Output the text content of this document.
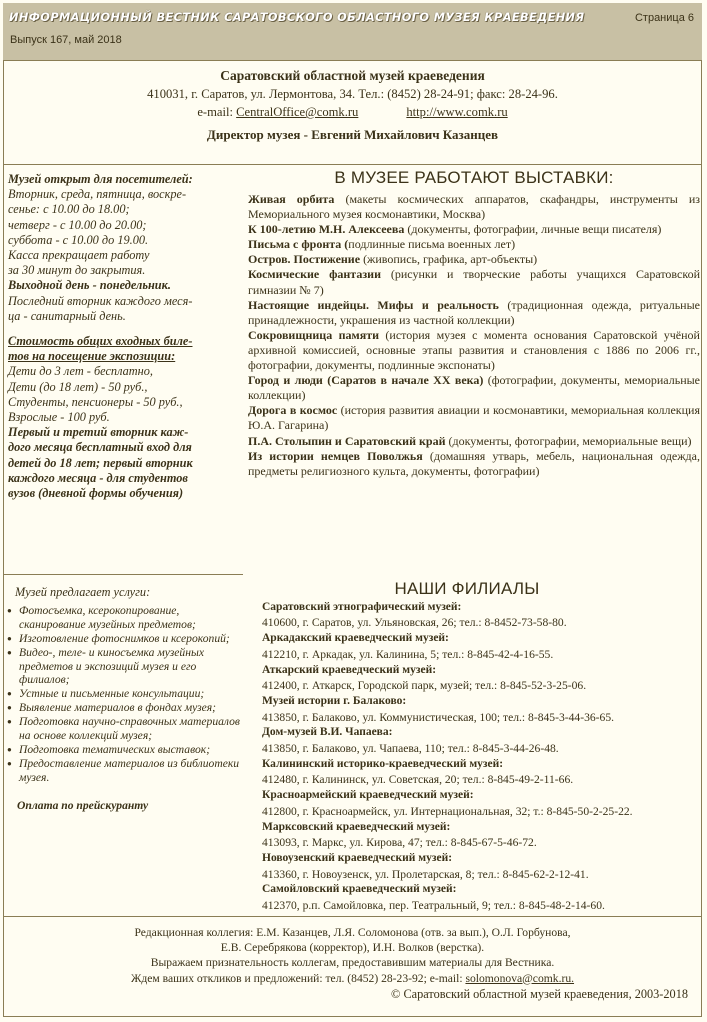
ИНФОРМАЦИОННЫЙ ВЕСТНИК САРАТОВСКОГО ОБЛАСТНОГО МУЗЕЯ КРАЕВЕДЕНИЯ
Выпуск 167, май 2018
Страница 6
Саратовский областной музей краеведения
410031, г. Саратов, ул. Лермонтова, 34. Тел.: (8452) 28-24-91; факс: 28-24-96.
e-mail: CentralOffice@comk.ru	http://www.comk.ru
Директор музея - Евгений Михайлович Казанцев

Музей открыт для посетителей:

Вторник, среда, пятница, воскре-

сенье: с 10.00 до 18.00;

четверг - с 10.00 до 20.00;

суббота - с 10.00 до 19.00.

Касса прекращает работу

за 30 минут до закрытия.

Выходной день - понедельник.

Последний вторник каждого меся-

ца - санитарный день.

Стоимость общих входных биле-

тов на посещение экспозиции:

Дети до 3 лет - бесплатно,

Дети (до 18 лет) - 50 руб.,

Студенты, пенсионеры - 50 руб.,

Взрослые - 100 руб.

Первый и третий вторник каж-

дого месяца бесплатный вход для

детей до 18 лет; первый вторник

каждого месяца - для студентов

вузов (дневной формы обучения)

В МУЗЕЕ РАБОТАЮТ ВЫСТАВКИ:

Живая орбита (макеты космических аппаратов, скафандры, инструменты из Мемориального музея космонавтики, Москва)

К 100-летию М.Н. Алексеева (документы, фотографии, личные вещи писателя)

Письма с фронта (подлинные письма военных лет)

Остров. Постижение (живопись, графика, арт-объекты)

Космические фантазии (рисунки и творческие работы учащихся Саратовской гимназии № 7)

Настоящие индейцы. Мифы и реальность (традиционная одежда, ритуальные принадлежности, украшения из частной коллекции)

Сокровищница памяти (история музея с момента основания Саратовской учёной архивной комиссией, основные этапы развития и становления с 1886 по 2006 гг., фотографии, документы, подлинные экспонаты)

Город и люди (Саратов в начале XX века) (фотографии, документы, мемориальные коллекции)

Дорога в космос (история развития авиации и космонавтики, мемориальная коллекция Ю.А. Гагарина)

П.А. Столыпин и Саратовский край (документы, фотографии, мемориальные вещи)

Из истории немцев Поволжья (домашняя утварь, мебель, национальная одежда, предметы религиозного культа, документы, фотографии)

Музей предлагает услуги:

● Фотосъемка, ксерокопирование, сканирование музейных предметов;
● Изготовление фотоснимков и ксерокопий;
● Видео-, теле- и киносъемка музейных предметов и экспозиций музея и его филиалов;
● Устные и письменные консультации;
● Выявление материалов в фондах музея;
● Подготовка научно-справочных материалов на основе коллекций музея;
● Подготовка тематических выставок;
● Предоставление материалов из библиотеки музея.

Оплата по прейскуранту

НАШИ ФИЛИАЛЫ
Саратовский этнографический музей:

410600, г. Саратов, ул. Ульяновская, 26; тел.: 8-8452-73-58-80.

Аркадакский краеведческий музей:

412210, г. Аркадак, ул. Калинина, 5; тел.: 8-845-42-4-16-55.

Аткарский краеведческий музей:

412400, г. Аткарск, Городской парк, музей; тел.: 8-845-52-3-25-06.

Музей истории г. Балаково:

413850, г. Балаково, ул. Коммунистическая, 100; тел.: 8-845-3-44-36-65.

Дом-музей В.И. Чапаева:

413850, г. Балаково, ул. Чапаева, 110; тел.: 8-845-3-44-26-48.

Калининский историко-краеведческий музей:

412480, г. Калининск, ул. Советская, 20; тел.: 8-845-49-2-11-66.

Красноармейский краеведческий музей:

412800, г. Красноармейск, ул. Интернациональная, 32; т.: 8-845-50-2-25-22.

Марксовский краеведческий музей:

413093, г. Маркс, ул. Кирова, 47; тел.: 8-845-67-5-46-72.

Новоузенский краеведческий музей:

413360, г. Новоузенск, ул. Пролетарская, 8; тел.: 8-845-62-2-12-41.

Самойловский краеведческий музей:

412370, р.п. Самойловка, пер. Театральный, 9; тел.: 8-845-48-2-14-60.

Редакционная коллегия: Е.М. Казанцев, Л.Я. Соломонова (отв. за вып.), О.Л. Горбунова,
Е.В. Серебрякова (корректор), И.Н. Волков (верстка).
Выражаем признательность коллегам, предоставившим материалы для Вестника.
Ждем ваших откликов и предложений: тел. (8452) 28-23-92; e-mail: solomonova@comk.ru.
© Саратовский областной музей краеведения, 2003-2018
